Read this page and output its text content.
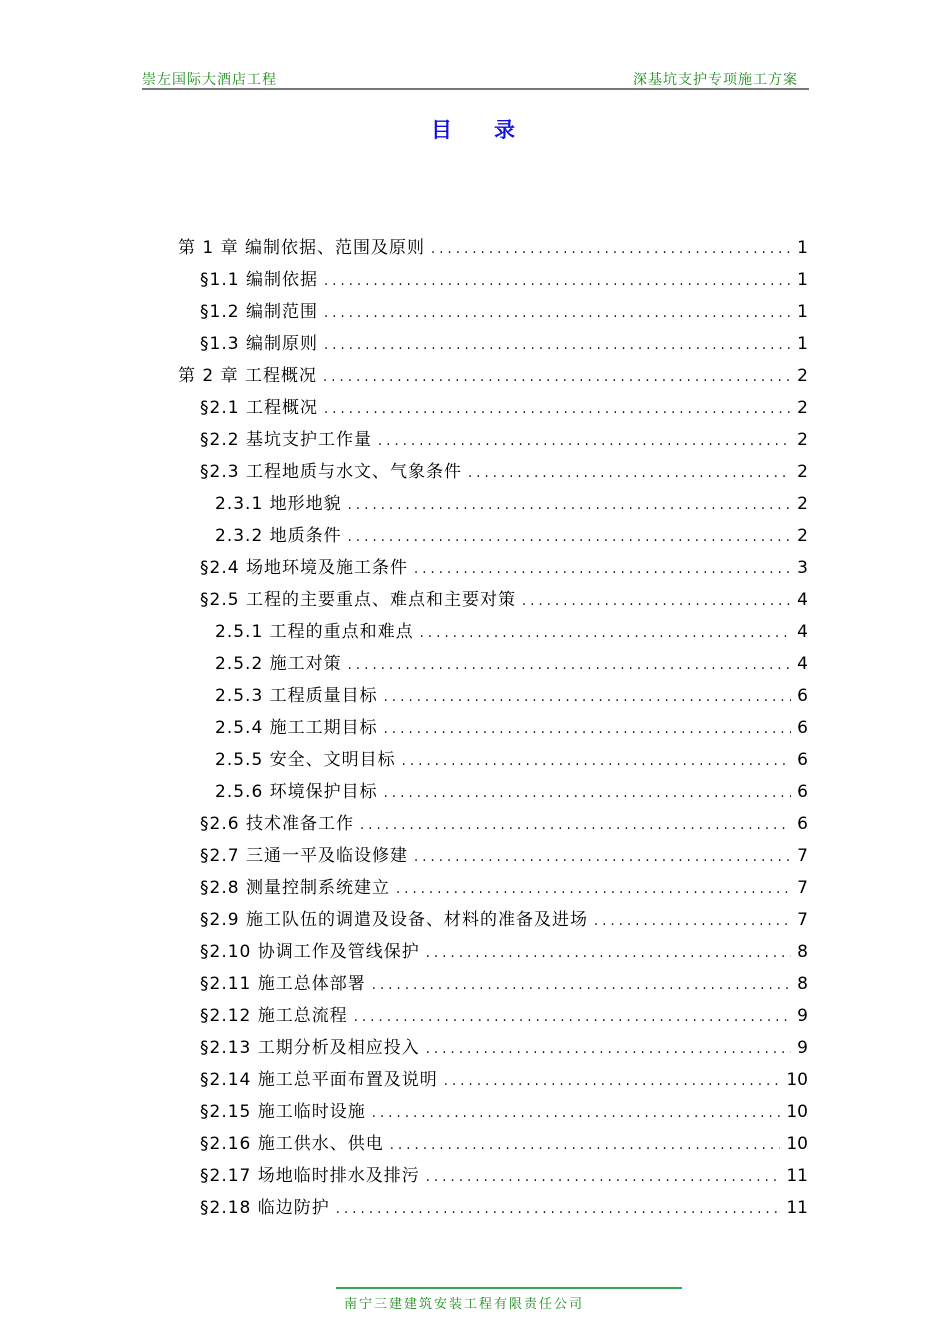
崇左国际大酒店工程	深基坑支护专项施工方案
目录
第 1 章 编制依据、范围及原则 . . .	1
§1.1 编制依据 . . .	1
§1.2 编制范围 . . .	1
§1.3 编制原则 . . .	1
第 2 章 工程概况 . . .	2
§2.1 工程概况 . . .	2
§2.2 基坑支护工作量 . . .	2
§2.3 工程地质与水文、气象条件 . . .	2
2.3.1 地形地貌 . . .	2
2.3.2 地质条件 . . .	2
§2.4 场地环境及施工条件 . . .	3
§2.5 工程的主要重点、难点和主要对策 . . .	4
2.5.1 工程的重点和难点 . . .	4
2.5.2 施工对策 . . .	4
2.5.3 工程质量目标 . . .	6
2.5.4 施工工期目标 . . .	6
2.5.5 安全、文明目标 . . .	6
2.5.6 环境保护目标 . . .	6
§2.6 技术准备工作 . . .	6
§2.7 三通一平及临设修建 . . .	7
§2.8 测量控制系统建立 . . .	7
§2.9 施工队伍的调遣及设备、材料的准备及进场 . . .	7
§2.10 协调工作及管线保护 . . .	8
§2.11 施工总体部署 . . .	8
§2.12 施工总流程 . . .	9
§2.13 工期分析及相应投入 . . .	9
§2.14 施工总平面布置及说明 . . .	10
§2.15 施工临时设施 . . .	10
§2.16 施工供水、供电 . . .	10
§2.17 场地临时排水及排污 . . .	11
§2.18 临边防护 . . .	11
南宁三建建筑安装工程有限责任公司
